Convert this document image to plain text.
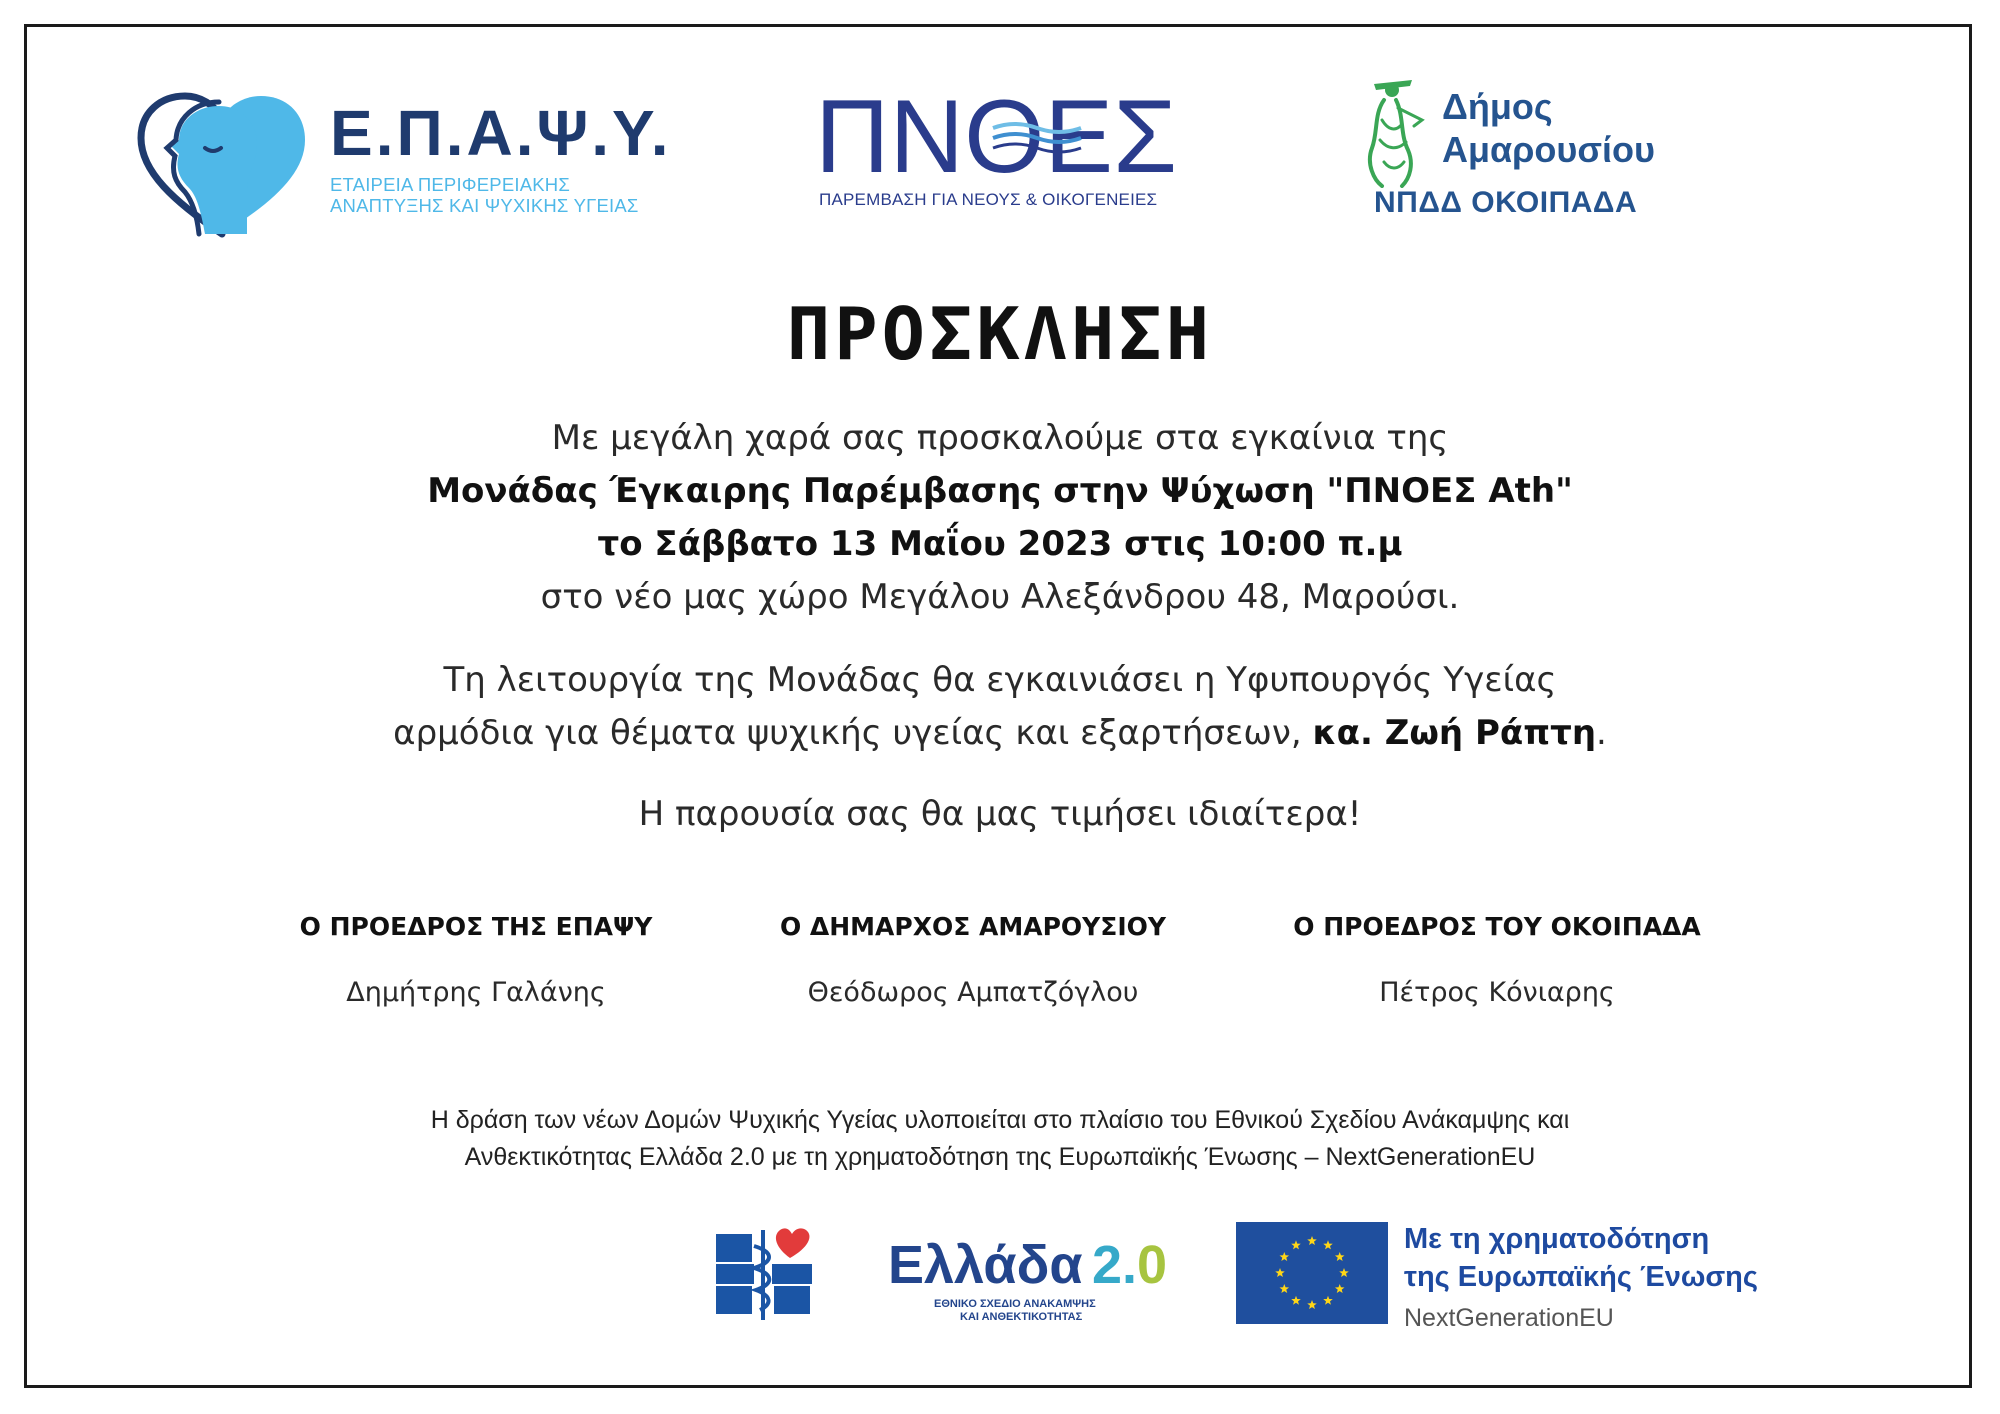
Ε.Π.Α.Ψ.Υ.
ΕΤΑΙΡΕΙΑ ΠΕΡΙΦΕΡΕΙΑΚΗΣ
ΑΝΑΠΤΥΞΗΣ ΚΑΙ ΨΥΧΙΚΗΣ ΥΓΕΙΑΣ
ΠΝΟΕΣ
ΠΑΡΕΜΒΑΣΗ ΓΙΑ ΝΕΟΥΣ & ΟΙΚΟΓΕΝΕΙΕΣ
Δήμος
Αμαρουσίου
ΝΠΔΔ ΟΚΟΙΠΑΔΑ
ΠΡΟΣΚΛΗΣΗ
Με μεγάλη χαρά σας προσκαλούμε στα εγκαίνια της
Μονάδας Έγκαιρης Παρέμβασης στην Ψύχωση "ΠΝΟΕΣ Ath"
το Σάββατο 13 Μαΐου 2023 στις 10:00 π.μ
στο νέο μας χώρο Μεγάλου Αλεξάνδρου 48, Μαρούσι.
Τη λειτουργία της Μονάδας θα εγκαινιάσει η Υφυπουργός Υγείας
αρμόδια για θέματα ψυχικής υγείας και εξαρτήσεων, κα. Ζωή Ράπτη.
Η παρουσία σας θα μας τιμήσει ιδιαίτερα!
Ο ΠΡΟΕΔΡΟΣ ΤΗΣ ΕΠΑΨΥ
Δημήτρης Γαλάνης
Ο ΔΗΜΑΡΧΟΣ ΑΜΑΡΟΥΣΙΟΥ
Θεόδωρος Αμπατζόγλου
Ο ΠΡΟΕΔΡΟΣ ΤΟΥ ΟΚΟΙΠΑΔΑ
Πέτρος Κόνιαρης
Η δράση των νέων Δομών Ψυχικής Υγείας υλοποιείται στο πλαίσιο του Εθνικού Σχεδίου Ανάκαμψης και
Ανθεκτικότητας Ελλάδα 2.0 με τη χρηματοδότηση της Ευρωπαϊκής Ένωσης – NextGenerationEU
Ελλάδα 2.0
ΕΘΝΙΚΟ ΣΧΕΔΙΟ ΑΝΑΚΑΜΨΗΣ
ΚΑΙ ΑΝΘΕΚΤΙΚΟΤΗΤΑΣ
Με τη χρηματοδότηση
της Ευρωπαϊκής Ένωσης
NextGenerationEU
